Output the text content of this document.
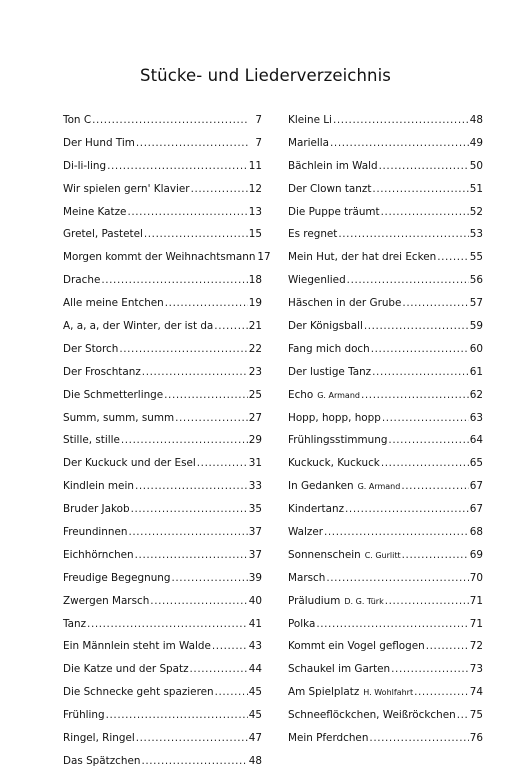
Stücke- und Liederverzeichnis
Ton C .....	7
Der Hund Tim .....	7
Di-li-ling .....	11
Wir spielen gern' Klavier .....	12
Meine Katze .....	13
Gretel, Pastetel .....	15
Morgen kommt der Weihnachtsmann 17
Drache .....	18
Alle meine Entchen .....	19
A, a, a, der Winter, der ist da .....	21
Der Storch .....	22
Der Froschtanz .....	23
Die Schmetterlinge .....	25
Summ, summ, summ .....	27
Stille, stille .....	29
Der Kuckuck und der Esel .....	31
Kindlein mein .....	33
Bruder Jakob .....	35
Freundinnen .....	37
Eichhörnchen .....	37
Freudige Begegnung .....	39
Zwergen Marsch .....	40
Tanz .....	41
Ein Männlein steht im Walde .....	43
Die Katze und der Spatz .....	44
Die Schnecke geht spazieren .....	45
Frühling .....	45
Ringel, Ringel .....	47
Das Spätzchen .....	48
Kleine Li .....	48
Mariella .....	49
Bächlein im Wald .....	50
Der Clown tanzt .....	51
Die Puppe träumt .....	52
Es regnet .....	53
Mein Hut, der hat drei Ecken .....	55
Wiegenlied .....	56
Häschen in der Grube .....	57
Der Königsball .....	59
Fang mich doch .....	60
Der lustige Tanz .....	61
Echo G. Armand .....	62
Hopp, hopp, hopp .....	63
Frühlingsstimmung .....	64
Kuckuck, Kuckuck .....	65
In Gedanken G. Armand .....	67
Kindertanz .....	67
Walzer .....	68
Sonnenschein C. Gurlitt .....	69
Marsch .....	70
Präludium D. G. Türk .....	71
Polka .....	71
Kommt ein Vogel geflogen .....	72
Schaukel im Garten .....	73
Am Spielplatz H. Wohlfahrt .....	74
Schneeflöckchen, Weißröckchen ..... 75
Mein Pferdchen .....	76
